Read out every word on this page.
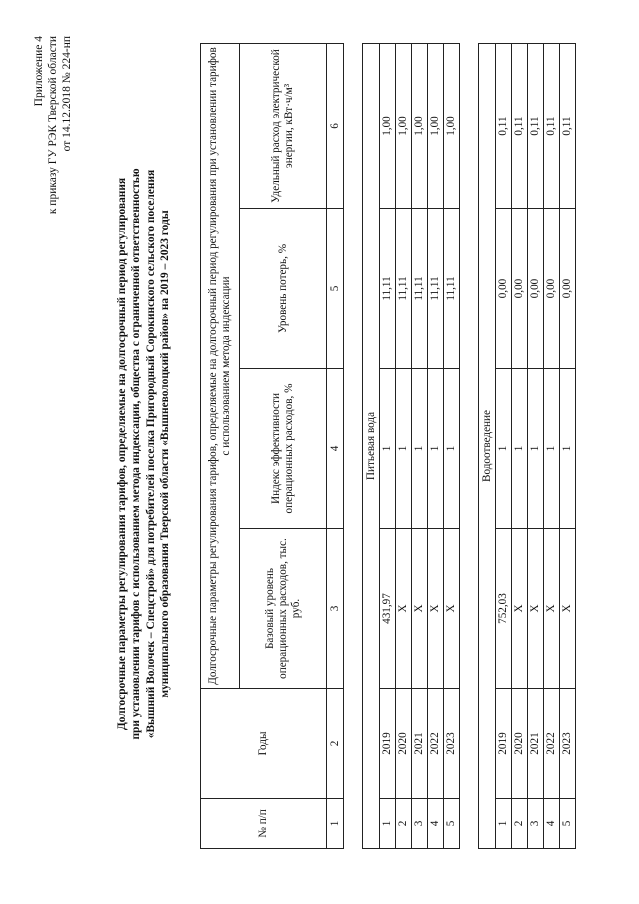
Приложение 4 к приказу ГУ РЭК Тверской области от 14.12.2018 № 224-нп
Долгосрочные параметры регулирования тарифов, определяемые на долгосрочный период регулирования при установлении тарифов с использованием метода индексации, общества с ограниченной ответственностью «Вышний Волочек – Спецстрой» для потребителей поселка Пригородный Сорокинского сельского поселения муниципального образования Тверской области «Вышневолоцкий район» на 2019 – 2023 годы
№ п/п	Годы	Долгосрочные параметры регулирования тарифов, определяемые на долгосрочный период регулирования при установлении тарифов с использованием метода индексации			
		Базовый уровень операционных расходов, тыс. руб.	Индекс эффективности операционных расходов, %	Уровень потерь, %	Удельный расход электрической энергии, кВт·ч/м³
1	2	3	4	5	6

Питьевая вода					
1	2019	431,97	1	11,11	1,00
2	2020	Х	1	11,11	1,00
3	2021	Х	1	11,11	1,00
4	2022	Х	1	11,11	1,00
5	2023	Х	1	11,11	1,00

Водоотведение					
1	2019	752,03	1	0,00	0,11
2	2020	Х	1	0,00	0,11
3	2021	Х	1	0,00	0,11
4	2022	Х	1	0,00	0,11
5	2023	Х	1	0,00	0,11
